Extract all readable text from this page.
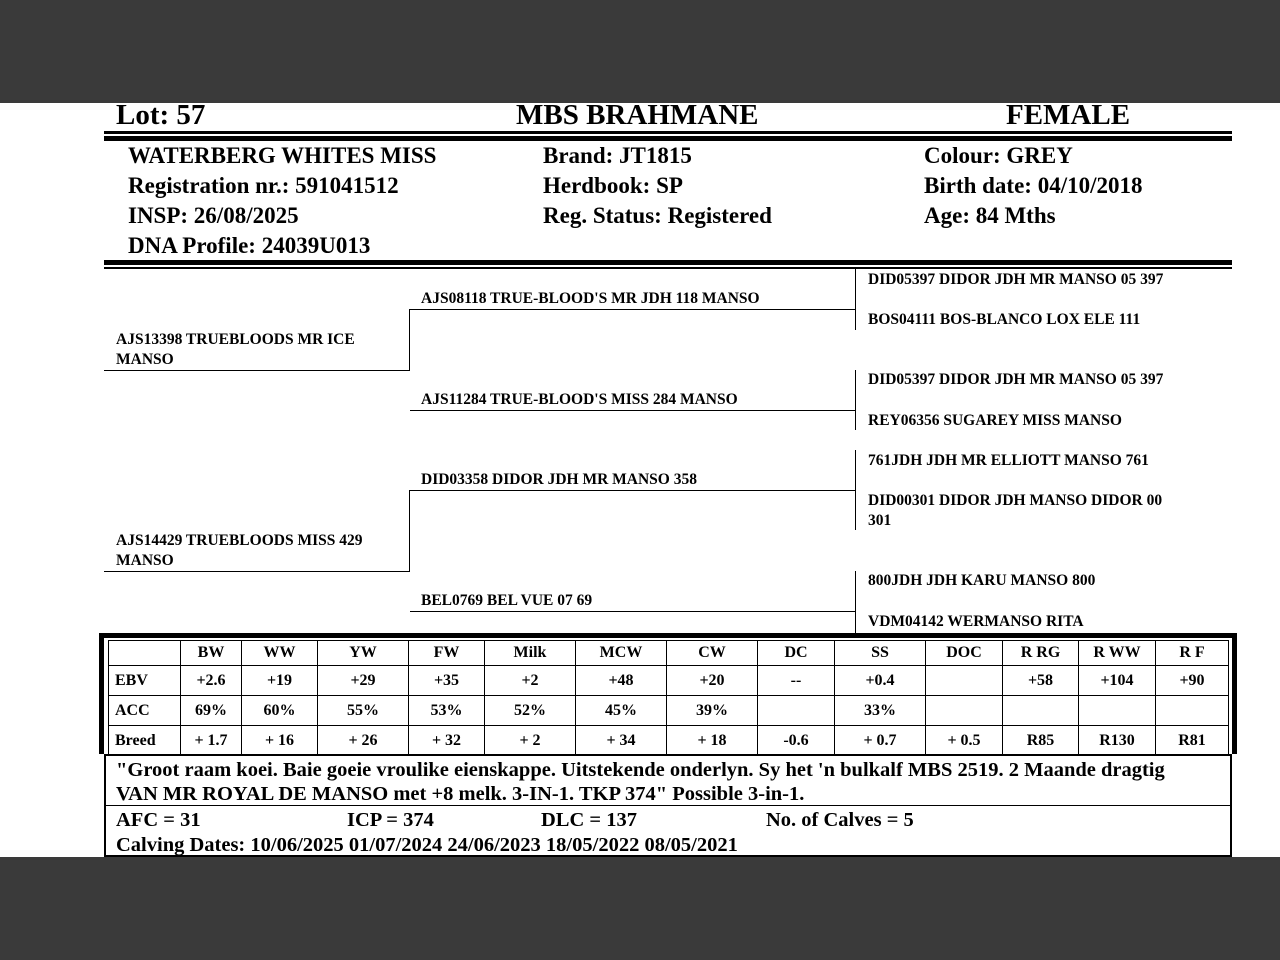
Lot: 57	MBS BRAHMANE	FEMALE
WATERBERG WHITES MISS
Registration nr.: 591041512
INSP: 26/08/2025
DNA Profile: 24039U013
Brand: JT1815
Herdbook: SP
Reg. Status: Registered
Colour: GREY
Birth date: 04/10/2018
Age: 84 Mths
AJS13398 TRUEBLOODS MR ICE
MANSO
AJS14429 TRUEBLOODS MISS 429
MANSO
AJS08118 TRUE-BLOOD'S MR JDH 118 MANSO
AJS11284 TRUE-BLOOD'S MISS 284 MANSO
DID03358 DIDOR JDH MR MANSO 358
BEL0769 BEL VUE 07 69
DID05397 DIDOR JDH MR MANSO 05 397
BOS04111 BOS-BLANCO LOX ELE 111
DID05397 DIDOR JDH MR MANSO 05 397
REY06356 SUGAREY MISS MANSO
761JDH JDH MR ELLIOTT MANSO 761
DID00301 DIDOR JDH MANSO DIDOR 00
301
800JDH JDH KARU MANSO 800
VDM04142 WERMANSO RITA
	BW	WW	YW	FW	Milk	MCW	CW	DC	SS	DOC	R RG	R WW	R F
EBV	+2.6	+19	+29	+35	+2	+48	+20	--	+0.4		+58	+104	+90
ACC	69%	60%	55%	53%	52%	45%	39%		33%				
Breed	+ 1.7	+ 16	+ 26	+ 32	+ 2	+ 34	+ 18	-0.6	+ 0.7	+ 0.5	R85	R130	R81
"Groot raam koei. Baie goeie vroulike eienskappe. Uitstekende onderlyn. Sy het 'n bulkalf MBS 2519. 2 Maande dragtig
VAN MR ROYAL DE MANSO met +8 melk. 3-IN-1. TKP 374" Possible 3-in-1.
AFC = 31	ICP = 374	DLC = 137	No. of Calves = 5
Calving Dates: 10/06/2025 01/07/2024 24/06/2023 18/05/2022 08/05/2021
